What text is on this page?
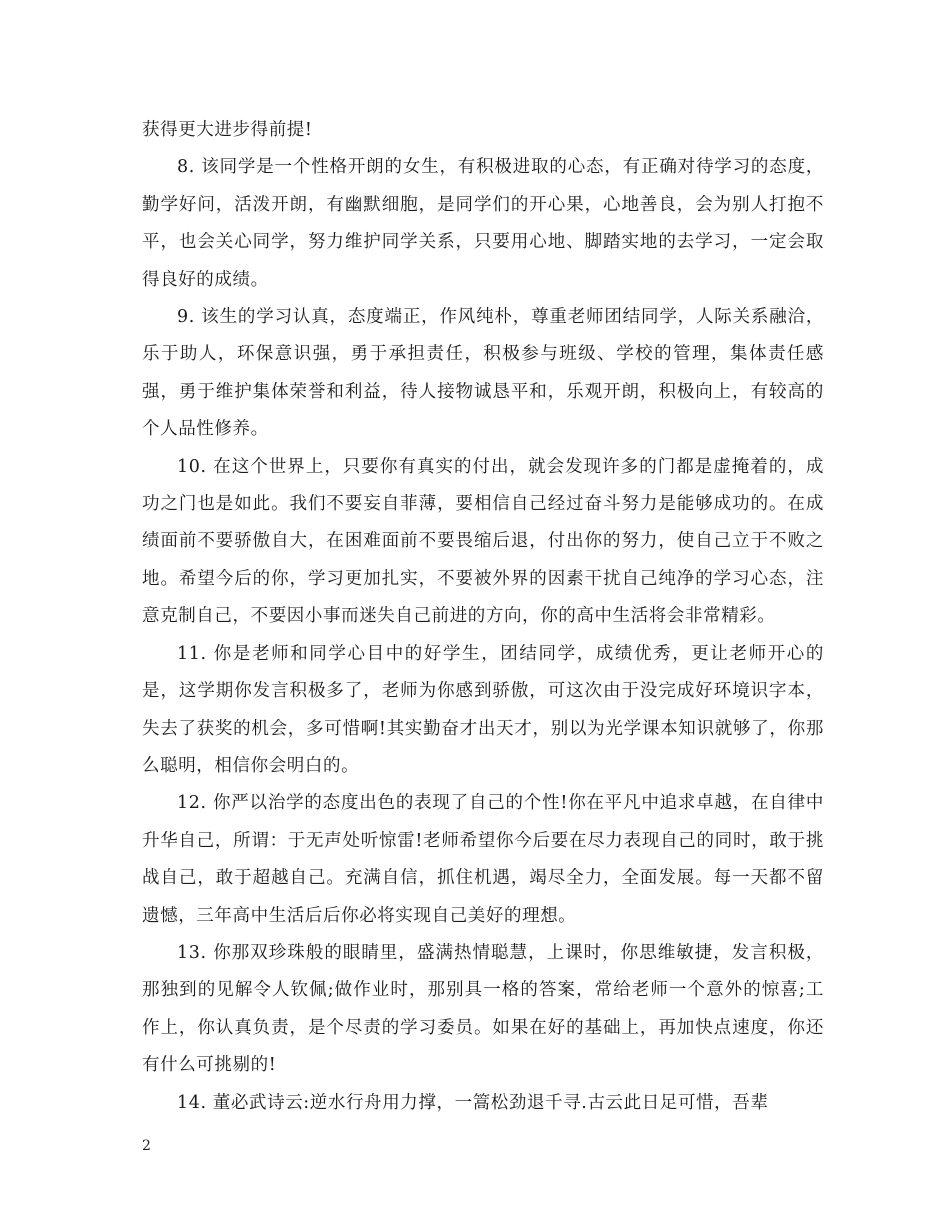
获得更大进步得前提!

8. 该同学是一个性格开朗的女生，有积极进取的心态，有正确对待学习的态度，勤学好问，活泼开朗，有幽默细胞，是同学们的开心果，心地善良，会为别人打抱不平，也会关心同学，努力维护同学关系，只要用心地、脚踏实地的去学习，一定会取得良好的成绩。

9. 该生的学习认真，态度端正，作风纯朴，尊重老师团结同学，人际关系融洽，乐于助人，环保意识强，勇于承担责任，积极参与班级、学校的管理，集体责任感强，勇于维护集体荣誉和利益，待人接物诚恳平和，乐观开朗，积极向上，有较高的个人品性修养。

10. 在这个世界上，只要你有真实的付出，就会发现许多的门都是虚掩着的，成功之门也是如此。我们不要妄自菲薄，要相信自己经过奋斗努力是能够成功的。在成绩面前不要骄傲自大，在困难面前不要畏缩后退，付出你的努力，使自己立于不败之地。希望今后的你，学习更加扎实，不要被外界的因素干扰自己纯净的学习心态，注意克制自己，不要因小事而迷失自己前进的方向，你的高中生活将会非常精彩。

11. 你是老师和同学心目中的好学生，团结同学，成绩优秀，更让老师开心的是，这学期你发言积极多了，老师为你感到骄傲，可这次由于没完成好环境识字本，失去了获奖的机会，多可惜啊!其实勤奋才出天才，别以为光学课本知识就够了，你那么聪明，相信你会明白的。

12. 你严以治学的态度出色的表现了自己的个性!你在平凡中追求卓越，在自律中升华自己，所谓：于无声处听惊雷!老师希望你今后要在尽力表现自己的同时，敢于挑战自己，敢于超越自己。充满自信，抓住机遇，竭尽全力，全面发展。每一天都不留遗憾，三年高中生活后后你必将实现自己美好的理想。

13. 你那双珍珠般的眼睛里，盛满热情聪慧，上课时，你思维敏捷，发言积极，那独到的见解令人钦佩;做作业时，那别具一格的答案，常给老师一个意外的惊喜;工作上，你认真负责，是个尽责的学习委员。如果在好的基础上，再加快点速度，你还有什么可挑剔的!

14. 董必武诗云:逆水行舟用力撑，一篙松劲退千寻.古云此日足可惜，吾辈

2
